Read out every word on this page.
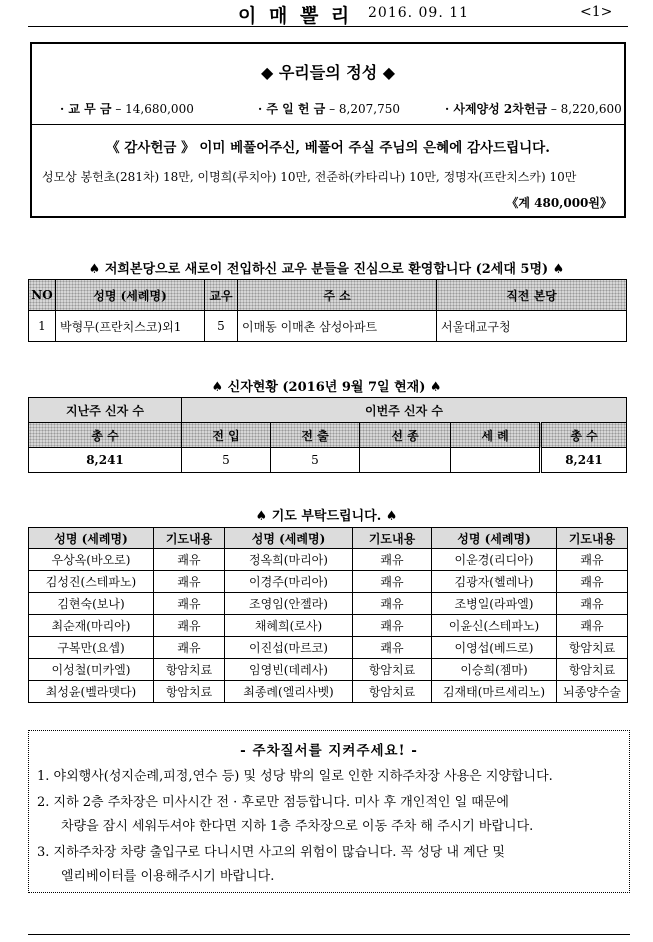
이 매 뽈 리 2016. 09. 11	<1>
◆ 우리들의 정성 ◆
· 교 무 금 – 14,680,000	· 주 일 헌 금 – 8,207,750	· 사제양성 2차헌금 – 8,220,600
《 감사헌금 》 이미 베풀어주신, 베풀어 주실 주님의 은혜에 감사드립니다.
성모상 봉헌초(281차) 18만, 이명희(루치아) 10만, 전준하(카타리나) 10만, 정명자(프란치스카) 10만
《계 480,000원》
♠ 저희본당으로 새로이 전입하신 교우 분들을 진심으로 환영합니다 (2세대 5명) ♠
NO	성명 (세례명)	교우	주 소	직전 본당
1	박형무(프란치스코)외1	5	이매동 이매촌 삼성아파트	서울대교구청
♠ 신자현황 (2016년 9월 7일 현재) ♠
지난주 신자 수	이번주 신자 수				
총 수	전 입	전 출	선 종	세 례	총 수
8,241	5	5			8,241
♠ 기도 부탁드립니다. ♠
성명 (세례명)	기도내용	성명 (세례명)	기도내용	성명 (세례명)	기도내용
우상옥(바오로)	쾌유	정옥희(마리아)	쾌유	이운경(리디아)	쾌유
김성진(스테파노)	쾌유	이경주(마리아)	쾌유	김광자(헬레나)	쾌유
김현숙(보나)	쾌유	조영임(안젤라)	쾌유	조병일(라파엘)	쾌유
최순재(마리아)	쾌유	채혜희(로사)	쾌유	이윤신(스테파노)	쾌유
구복만(요셉)	쾌유	이진섭(마르코)	쾌유	이영섭(베드로)	항암치료
이성철(미카엘)	항암치료	임영빈(데레사)	항암치료	이승희(젬마)	항암치료
최성윤(벨라뎃다)	항암치료	최종례(엘리사벳)	항암치료	김재태(마르세리노)	뇌종양수술
- 주차질서를 지켜주세요! -
1. 야외행사(성지순례,피정,연수 등) 및 성당 밖의 일로 인한 지하주차장 사용은 지양합니다.
2. 지하 2층 주차장은 미사시간 전 · 후로만 점등합니다. 미사 후 개인적인 일 때문에
차량을 잠시 세워두셔야 한다면 지하 1층 주차장으로 이동 주차 해 주시기 바랍니다.
3. 지하주차장 차량 출입구로 다니시면 사고의 위험이 많습니다. 꼭 성당 내 계단 및
엘리베이터를 이용해주시기 바랍니다.
